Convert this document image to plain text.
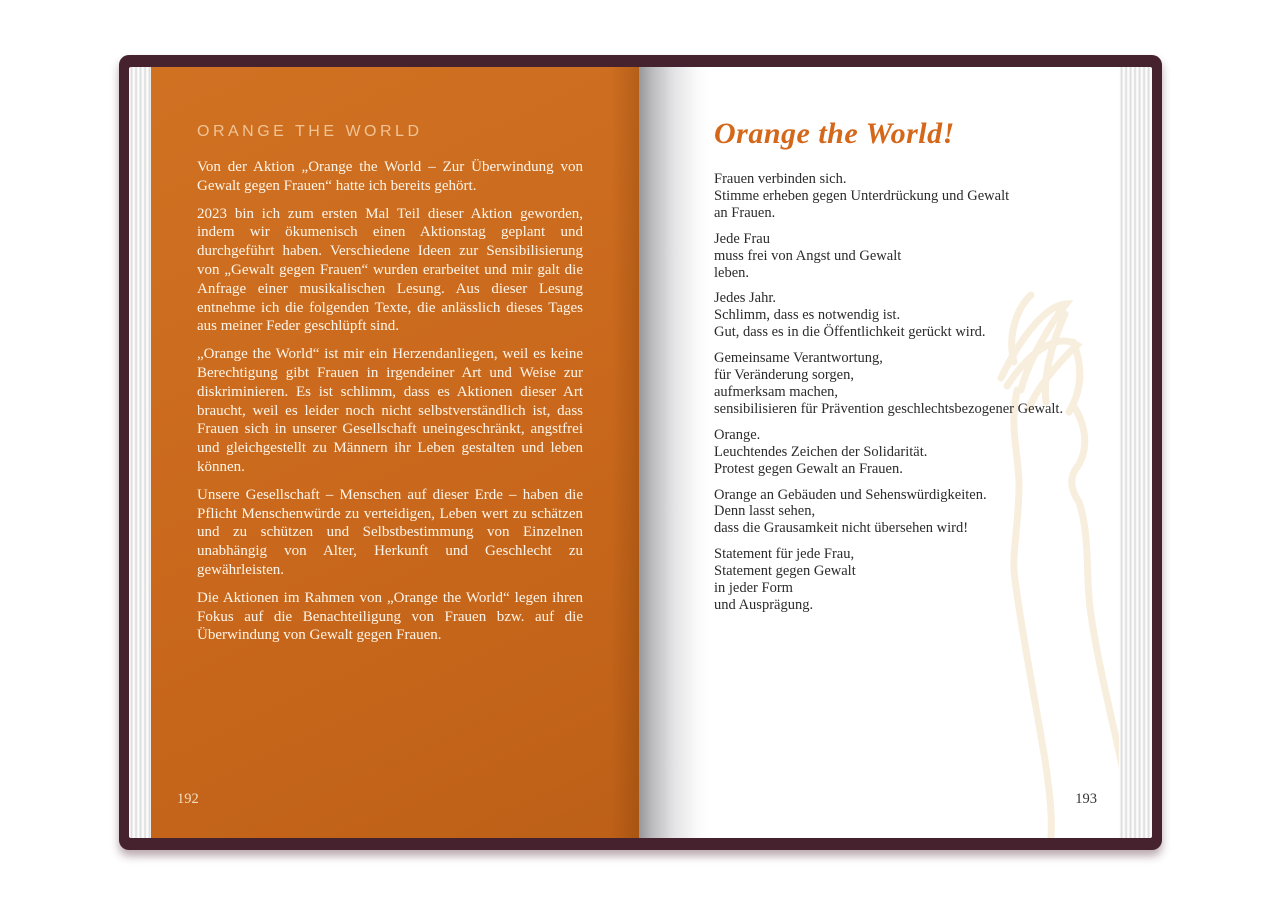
ORANGE THE WORLD

Von der Aktion „Orange the World – Zur Überwindung von Gewalt gegen Frauen“ hatte ich bereits gehört.

2023 bin ich zum ersten Mal Teil dieser Aktion geworden, indem wir ökumenisch einen Aktionstag geplant und durchgeführt haben. Verschiedene Ideen zur Sensibilisierung von „Gewalt gegen Frauen“ wurden erarbeitet und mir galt die Anfrage einer musikalischen Lesung. Aus dieser Lesung entnehme ich die folgenden Texte, die anlässlich dieses Tages aus meiner Feder geschlüpft sind.

„Orange the World“ ist mir ein Herzendanliegen, weil es keine Berechtigung gibt Frauen in irgendeiner Art und Weise zur diskriminieren. Es ist schlimm, dass es Aktionen dieser Art braucht, weil es leider noch nicht selbstverständlich ist, dass Frauen sich in unserer Gesellschaft uneingeschränkt, angstfrei und gleichgestellt zu Männern ihr Leben gestalten und leben können.

Unsere Gesellschaft – Menschen auf dieser Erde – haben die Pflicht Menschenwürde zu verteidigen, Leben wert zu schätzen und zu schützen und Selbstbestimmung von Einzelnen unabhängig von Alter, Herkunft und Geschlecht zu gewährleisten.

Die Aktionen im Rahmen von „Orange the World“ legen ihren Fokus auf die Benachteiligung von Frauen bzw. auf die Überwindung von Gewalt gegen Frauen.

192
Orange the World!
Frauen verbinden sich.
Stimme erheben gegen Unterdrückung und Gewalt
an Frauen.
Jede Frau
muss frei von Angst und Gewalt
leben.
Jedes Jahr.
Schlimm, dass es notwendig ist.
Gut, dass es in die Öffentlichkeit gerückt wird.
Gemeinsame Verantwortung,
für Veränderung sorgen,
aufmerksam machen,
sensibilisieren für Prävention geschlechtsbezogener Gewalt.
Orange.
Leuchtendes Zeichen der Solidarität.
Protest gegen Gewalt an Frauen.
Orange an Gebäuden und Sehenswürdigkeiten.
Denn lasst sehen,
dass die Grausamkeit nicht übersehen wird!
Statement für jede Frau,
Statement gegen Gewalt
in jeder Form
und Ausprägung.
193
